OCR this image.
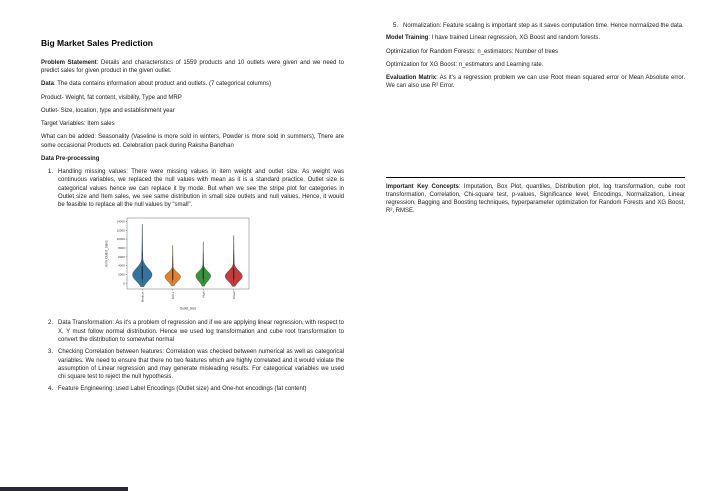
Big Market Sales Prediction

Problem Statement: Details and characteristics of 1559 products and 10 outlets were given and we need to predict sales for given product in the given outlet.

Data: The data contains information about product and outlets. (7 categorical columns)

Product- Weight, fat content, visibility, Type and MRP

Outlet- Size, location, type and establishment year

Target Variables: Item sales

What can be added: Seasonality (Vaseline is more sold in winters, Powder is more sold in summers), There are some occasional Products ed. Celebration pack during Raksha Bandhan

Data Pre-processing

1. Handling missing values: There were missing values in item weight and outlet size. As weight was continuous variables, we replaced the null values with mean as it is a standard practice. Outlet size is categorical values hence we can replace it by mode. But when we see the stripe plot for categories in Outlet size and Item sales, we see same distribution in small size outlets and null values. Hence, it would be feasible to replace all the null values by "small".
0
2000
4000
6000
8000
10000
12000
14000
Medium	NULL	High	Small
Outlet_Size
Item_Outlet_Sales
2. Data Transformation: As it's a problem of regression and if we are applying linear regression, with respect to X, Y must follow normal distribution. Hence we used log transformation and cube root transformation to convert the distribution to somewhat normal
3. Checking Correlation between features: Correlation was checked between numerical as well as categorical variables. We need to ensure that there no two features which are highly correlated and it would violate the assumption of Linear regression and may generate misleading results. For categorical variables we used chi square test to reject the null hypothesis.
4. Feature Engineering: used Label Encodings (Outlet size) and One-hot encodings (fat content)
5. Normalization: Feature scaling is important step as it saves computation time. Hence normalized the data.

Model Training: I have trained Linear regression, XG Boost and random forests.

Optimization for Random Forests: n_estimators: Number of trees

Optimization for XG Boost: n_estimators and Learning rate.

Evaluation Matrix: As it's a regression problem we can use Root mean squared error or Mean Absolute error. We can also use R² Error.

Important Key Concepts: Imputation, Box Plot, quantiles, Distribution plot, log transformation, cube root transformation, Correlation, Chi-square test, p-values, Significance level, Encodings, Normalization, Linear regression, Bagging and Boosting techniques, hyperparameter optimization for Random Forests and XG Boost, R², RMSE.
